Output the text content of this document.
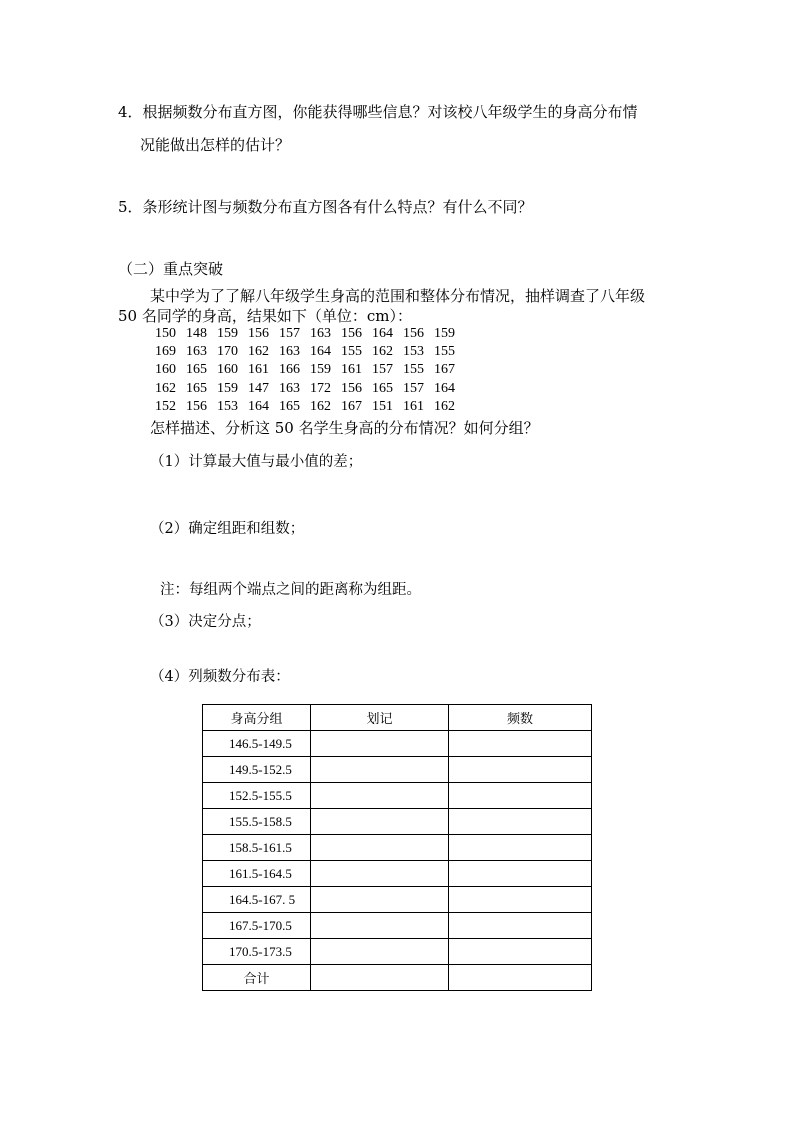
4．根据频数分布直方图，你能获得哪些信息？对该校八年级学生的身高分布情
况能做出怎样的估计？
5．条形统计图与频数分布直方图各有什么特点？有什么不同？
（二）重点突破
某中学为了了解八年级学生身高的范围和整体分布情况，抽样调查了八年级
50 名同学的身高，结果如下（单位：cm）：
150 148 159 156 157 163 156 164 156 159
169 163 170 162 163 164 155 162 153 155
160 165 160 161 166 159 161 157 155 167
162 165 159 147 163 172 156 165 157 164
152 156 153 164 165 162 167 151 161 162
怎样描述、分析这 50 名学生身高的分布情况？如何分组？
（1）计算最大值与最小值的差；
（2）确定组距和组数；
注：每组两个端点之间的距离称为组距。
（3）决定分点；
（4）列频数分布表：
身高分组	划记	频数
146.5-149.5		
149.5-152.5		
152.5-155.5		
155.5-158.5		
158.5-161.5		
161.5-164.5		
164.5-167. 5		
167.5-170.5		
170.5-173.5		
合计		
